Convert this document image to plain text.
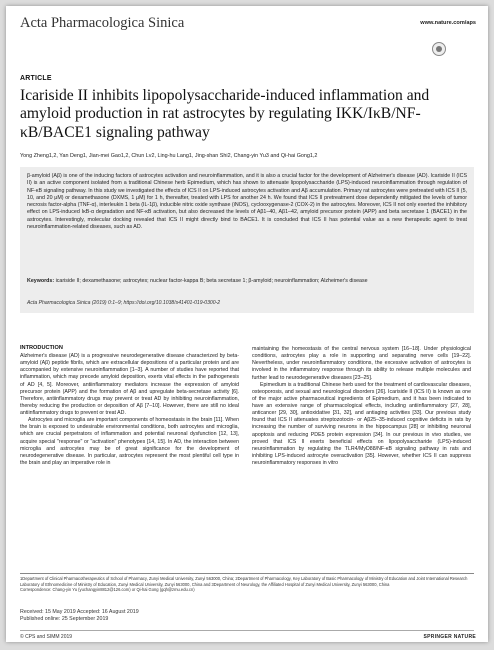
Acta Pharmacologica Sinica	www.nature.com/aps
ARTICLE
Icariside II inhibits lipopolysaccharide-induced inflammation and amyloid production in rat astrocytes by regulating IKK/IκB/NF-κB/BACE1 signaling pathway
Yong Zheng1,2, Yan Deng1, Jian-mei Gao1,2, Chun Lv2, Ling-hu Lang1, Jing-shan Shi2, Chang-yin Yu3 and Qi-hai Gong1,2
β-amyloid (Aβ) is one of the inducing factors of astrocytes activation and neuroinflammation, and it is also a crucial factor for the development of Alzheimer's disease (AD). Icariside II (ICS II) is an active component isolated from a traditional Chinese herb Epimedium, which has shown to attenuate lipopolysaccharide (LPS)-induced neuroinflammation through regulation of NF-κB signaling pathway. In this study we investigated the effects of ICS II on LPS-induced astrocytes activation and Aβ accumulation. Primary rat astrocytes were pretreated with ICS II (5, 10, and 20 μM) or dexamethasone (DXMS, 1 μM) for 1 h, thereafter, treated with LPS for another 24 h. We found that ICS II pretreatment dose dependently mitigated the levels of tumor necrosis factor-alpha (TNF-α), interleukin 1 beta (IL-1β), inducible nitric oxide synthase (iNOS), cyclooxygenase-2 (COX-2) in the astrocytes. Moreover, ICS II not only exerted the inhibitory effect on LPS-induced IκB-α degradation and NF-κB activation, but also decreased the levels of Aβ1–40, Aβ1–42, amyloid precursor protein (APP) and beta secretase 1 (BACE1) in the astrocytes. Interestingly, molecular docking revealed that ICS II might directly bind to BACE1. It is concluded that ICS II has potential value as a new therapeutic agent to treat neuroinflammation-related diseases, such as AD.
Keywords: icariside II; dexamethasone; astrocytes; nuclear factor-kappa B; beta secretase 1; β-amyloid; neuroinflammation; Alzheimer's disease
Acta Pharmacologica Sinica (2019) 0:1–9; https://doi.org/10.1038/s41401-019-0300-2
INTRODUCTION

Alzheimer's disease (AD) is a progressive neurodegenerative disease characterized by beta-amyloid (Aβ) peptide fibrils, which are extracellular depositions of a particular protein and are accompanied by extensive neuroinflammation [1–3]. A number of studies have reported that inflammation, which may precede amyloid deposition, exerts vital effects in the pathogenesis of AD [4, 5]. Moreover, antiinflammatory mediators increase the expression of amyloid precursor protein (APP) and the formation of Aβ and upregulate beta-secretase activity [6]. Therefore, antiinflammatory drugs may prevent or treat AD by inhibiting neuroinflammation, thereby reducing the production or deposition of Aβ [7–10]. However, there are still no ideal antiinflammatory drugs to prevent or treat AD.

Astrocytes and microglia are important components of homeostasis in the brain [11]. When the brain is exposed to undesirable environmental conditions, both astrocytes and microglia, which are crucial perpetrators of inflammation and potential neuronal dysfunction [12, 13], acquire special "response" or "activation" phenotypes [14, 15]. In AD, the interaction between microglia and astrocytes may be of great significance for the development of neurodegenerative disease. In particular, astrocytes represent the most plentiful cell type in the brain and play an imperative role in

maintaining the homeostasis of the central nervous system [16–18]. Under physiological conditions, astrocytes play a role in supporting and separating nerve cells [19–22]. Nevertheless, under neuroinflammatory conditions, the excessive activation of astrocytes is involved in the inflammatory response through its ability to release multiple molecules and further lead to neurodegenerative diseases [23–25].

Epimedium is a traditional Chinese herb used for the treatment of cardiovascular diseases, osteoporosis, and sexual and neurological disorders [26]. Icariside II (ICS II) is known as one of the major active pharmaceutical ingredients of Epimedium, and it has been indicated to have an extensive range of pharmacological effects, including antiinflammatory [27, 28], anticancer [29, 30], antioxidative [31, 32], and antiaging activities [33]. Our previous study found that ICS II attenuates streptozotocin- or Aβ25–35-induced cognitive deficits in rats by increasing the number of surviving neurons in the hippocampus [28] or inhibiting neuronal apoptosis and reducing PDE5 protein expression [34]. In our previous in vivo studies, we proved that ICS II exerts beneficial effects on lipopolysaccharide (LPS)-induced neuroinflammation by regulating the TLR4/MyD88/NF-κB signaling pathway in rats and inhibiting LPS-induced astrocyte overactivation [35]. However, whether ICS II can suppress neuroinflammatory responses in vitro

1Department of Clinical Pharmacotherapeutics of School of Pharmacy, Zunyi Medical University, Zunyi 563000, China; 2Department of Pharmacology, Key Laboratory of Basic Pharmacology of Ministry of Education and Joint International Research Laboratory of Ethnomedicine of Ministry of Education, Zunyi Medical University, Zunyi 563000, China and 3Department of Neurology, the Affiliated Hospital of Zunyi Medical University, Zunyi 563000, China
Correspondence: Chang-yin Yu (yuchangyin8812@126.com) or Qi-hai Gong (gqh@zmu.edu.cn)
Received: 15 May 2019 Accepted: 16 August 2019
Published online: 25 September 2019
© CPS and SIMM 2019	SPRINGER NATURE
